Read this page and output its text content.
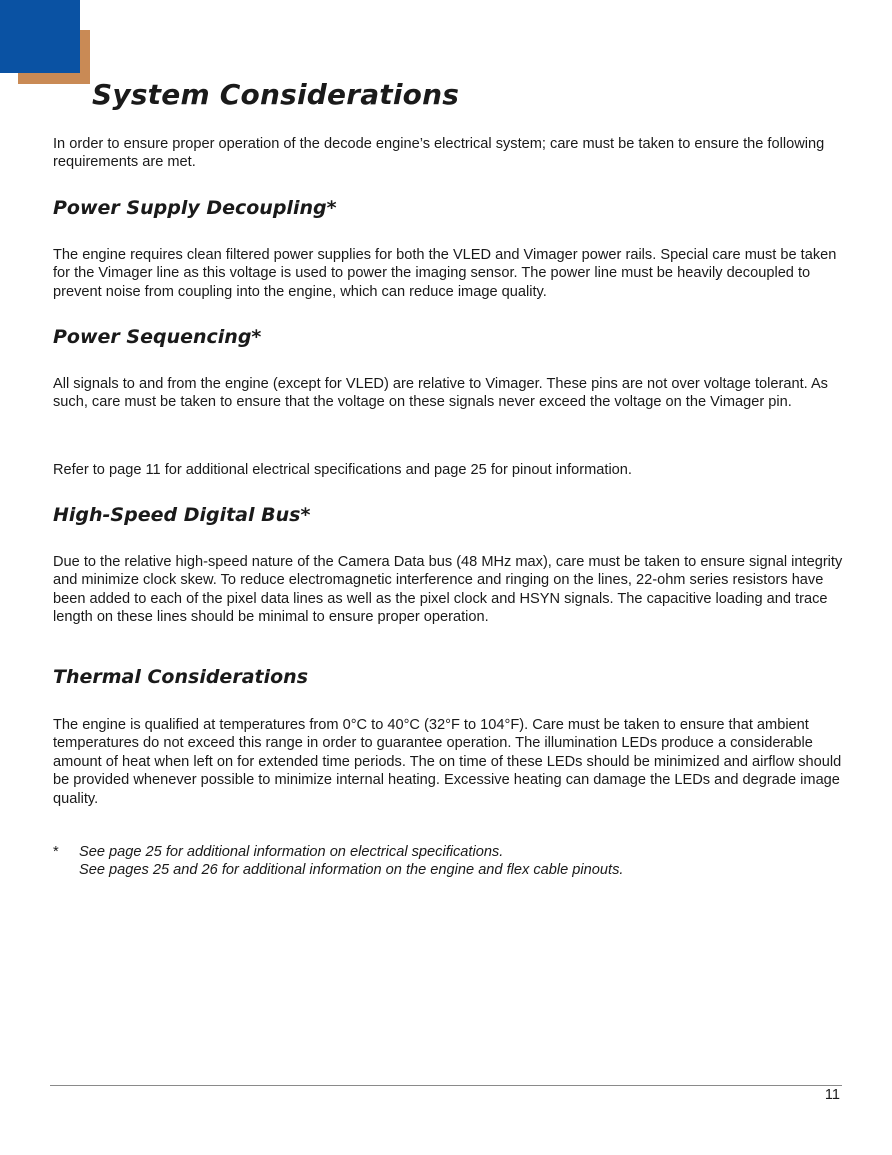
System Considerations

In order to ensure proper operation of the decode engine’s electrical system; care must be taken to ensure the following requirements are met.

Power Supply Decoupling*

The engine requires clean filtered power supplies for both the VLED and Vimager power rails. Special care must be taken for the Vimager line as this voltage is used to power the imaging sensor. The power line must be heavily decoupled to prevent noise from coupling into the engine, which can reduce image quality.

Power Sequencing*

All signals to and from the engine (except for VLED) are relative to Vimager. These pins are not over voltage tolerant. As such, care must be taken to ensure that the voltage on these signals never exceed the voltage on the Vimager pin.

Refer to page 11 for additional electrical specifications and page 25 for pinout information.

High-Speed Digital Bus*

Due to the relative high-speed nature of the Camera Data bus (48 MHz max), care must be taken to ensure signal integrity and minimize clock skew. To reduce electromagnetic interference and ringing on the lines, 22-ohm series resistors have been added to each of the pixel data lines as well as the pixel clock and HSYN signals. The capacitive loading and trace length on these lines should be minimal to ensure proper operation.

Thermal Considerations

The engine is qualified at temperatures from 0°C to 40°C (32°F to 104°F). Care must be taken to ensure that ambient temperatures do not exceed this range in order to guarantee operation. The illumination LEDs produce a considerable amount of heat when left on for extended time periods. The on time of these LEDs should be minimized and airflow should be provided whenever possible to minimize internal heating. Excessive heating can damage the LEDs and degrade image quality.

* See page 25 for additional information on electrical specifications.

See pages 25 and 26 for additional information on the engine and flex cable pinouts.

11
